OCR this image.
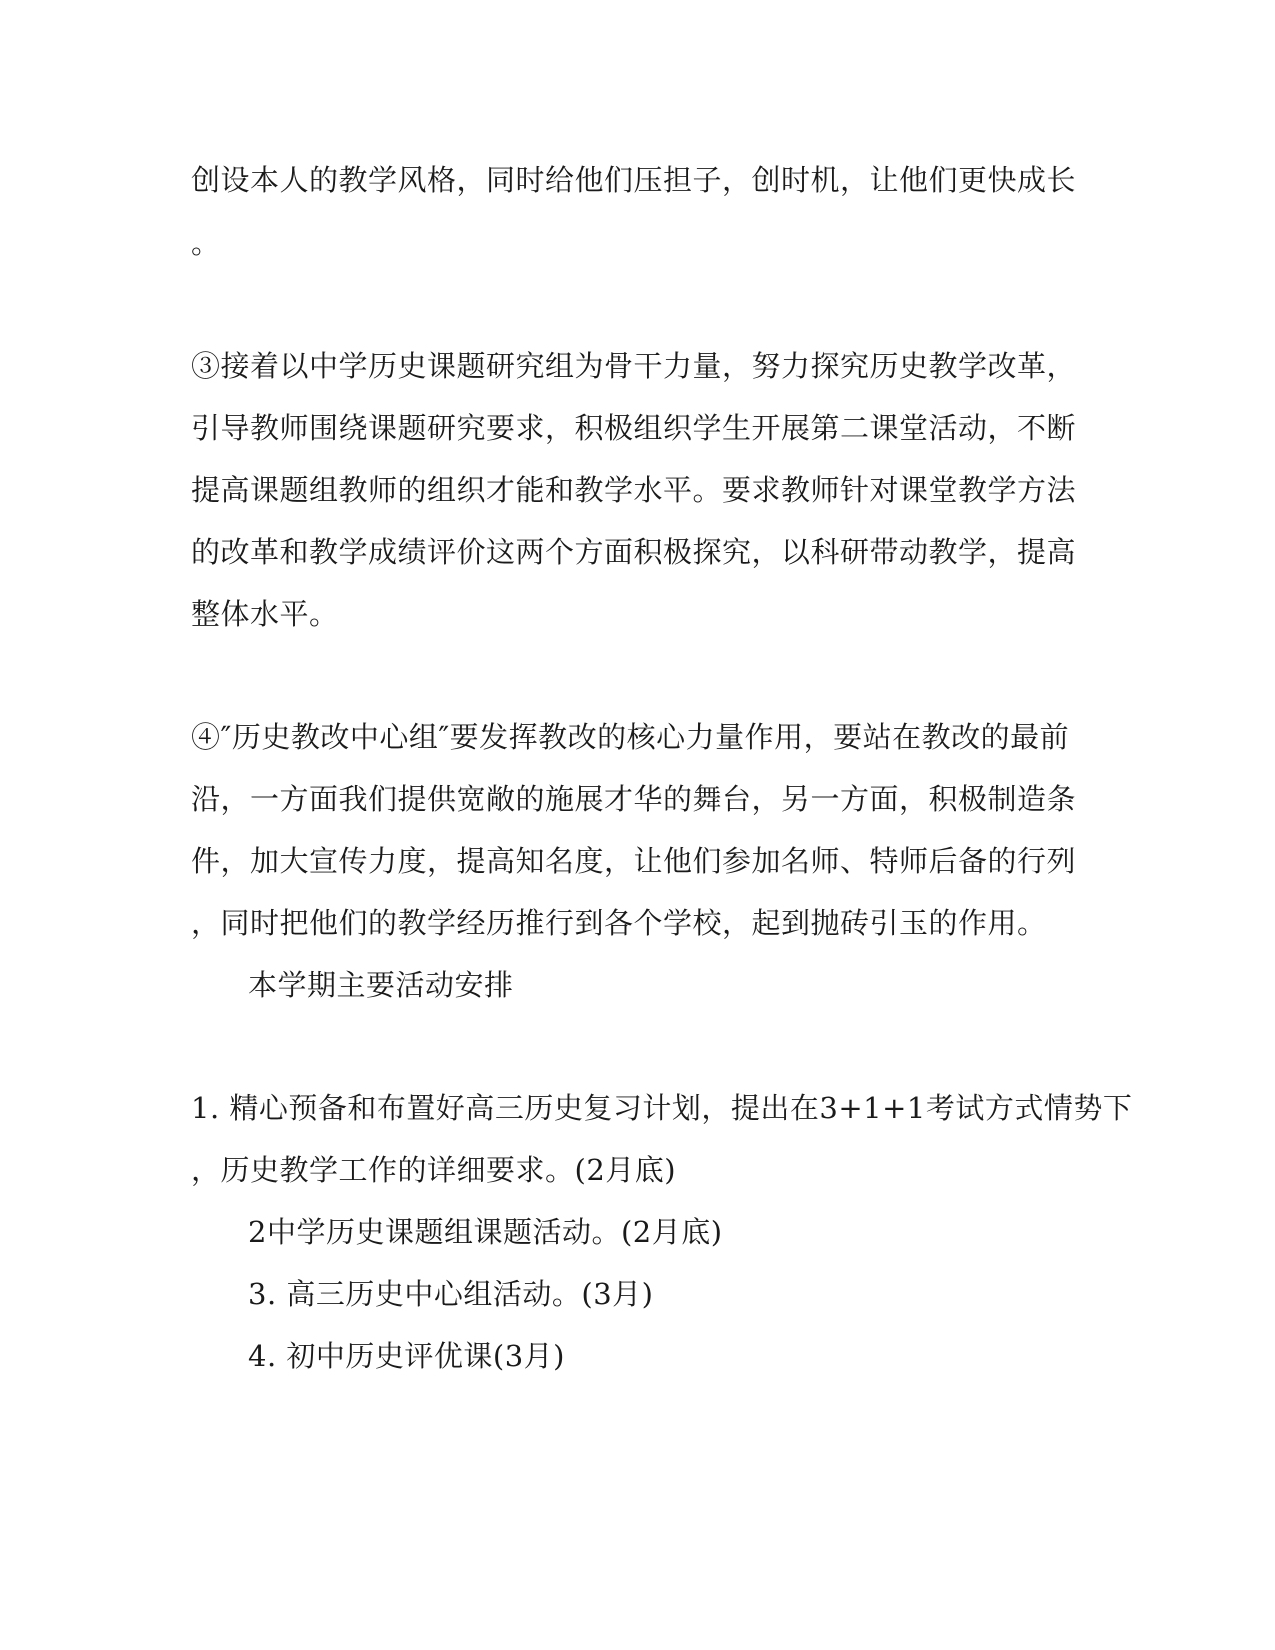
创设本人的教学风格，同时给他们压担子，创时机，让他们更快成长
。
③接着以中学历史课题研究组为骨干力量，努力探究历史教学改革，
引导教师围绕课题研究要求，积极组织学生开展第二课堂活动，不断
提高课题组教师的组织才能和教学水平。要求教师针对课堂教学方法
的改革和教学成绩评价这两个方面积极探究，以科研带动教学，提高
整体水平。
④″历史教改中心组″要发挥教改的核心力量作用，要站在教改的最前
沿，一方面我们提供宽敞的施展才华的舞台，另一方面，积极制造条
件，加大宣传力度，提高知名度，让他们参加名师、特师后备的行列
，同时把他们的教学经历推行到各个学校，起到抛砖引玉的作用。
本学期主要活动安排
1. 精心预备和布置好高三历史复习计划，提出在3+1+1考试方式情势下
，历史教学工作的详细要求。(2月底)
2中学历史课题组课题活动。(2月底)
3. 高三历史中心组活动。(3月)
4. 初中历史评优课(3月)
